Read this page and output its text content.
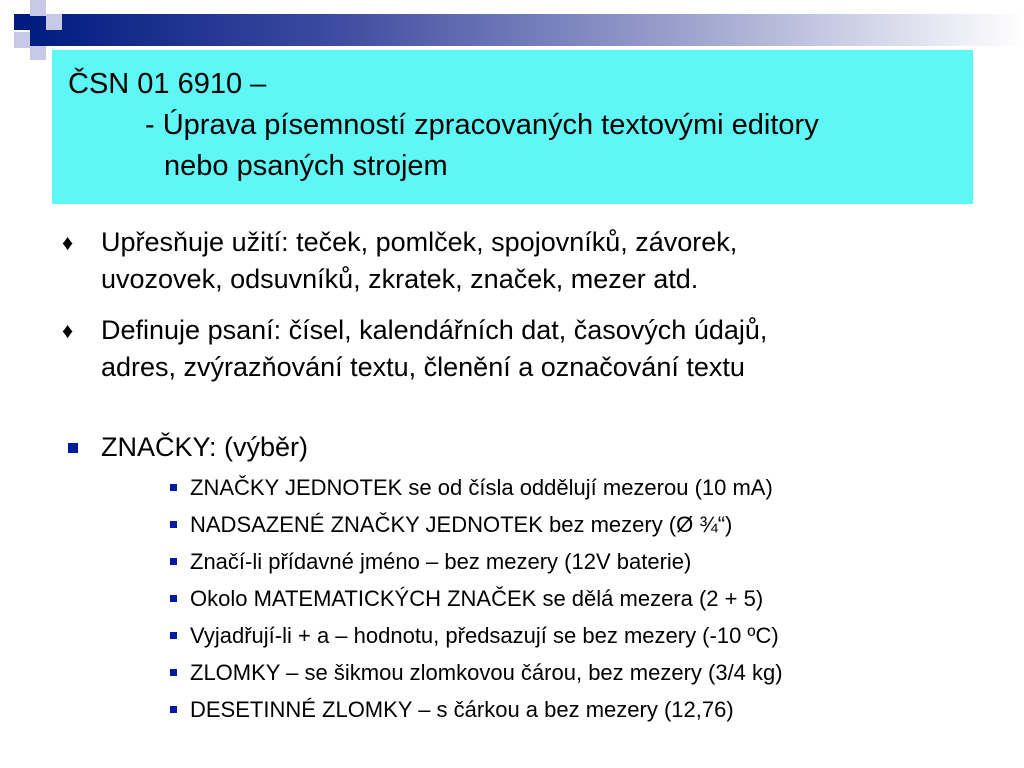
ČSN 01 6910 –
- Úprava písemností zpracovaných textovými editory
nebo psaných strojem
♦ Upřesňuje užití: teček, pomlček, spojovníků, závorek,
uvozovek, odsuvníků, zkratek, značek, mezer atd.
♦ Definuje psaní: čísel, kalendářních dat, časových údajů,
adres, zvýrazňování textu, členění a označování textu
ZNAČKY: (výběr)
ZNAČKY JEDNOTEK se od čísla oddělují mezerou (10 mA)
NADSAZENÉ ZNAČKY JEDNOTEK bez mezery (Ø ¾“)
Značí-li přídavné jméno – bez mezery (12V baterie)
Okolo MATEMATICKÝCH ZNAČEK se dělá mezera (2 + 5)
Vyjadřují-li + a – hodnotu, předsazují se bez mezery (-10 ºC)
ZLOMKY – se šikmou zlomkovou čárou, bez mezery (3/4 kg)
DESETINNÉ ZLOMKY – s čárkou a bez mezery (12,76)
